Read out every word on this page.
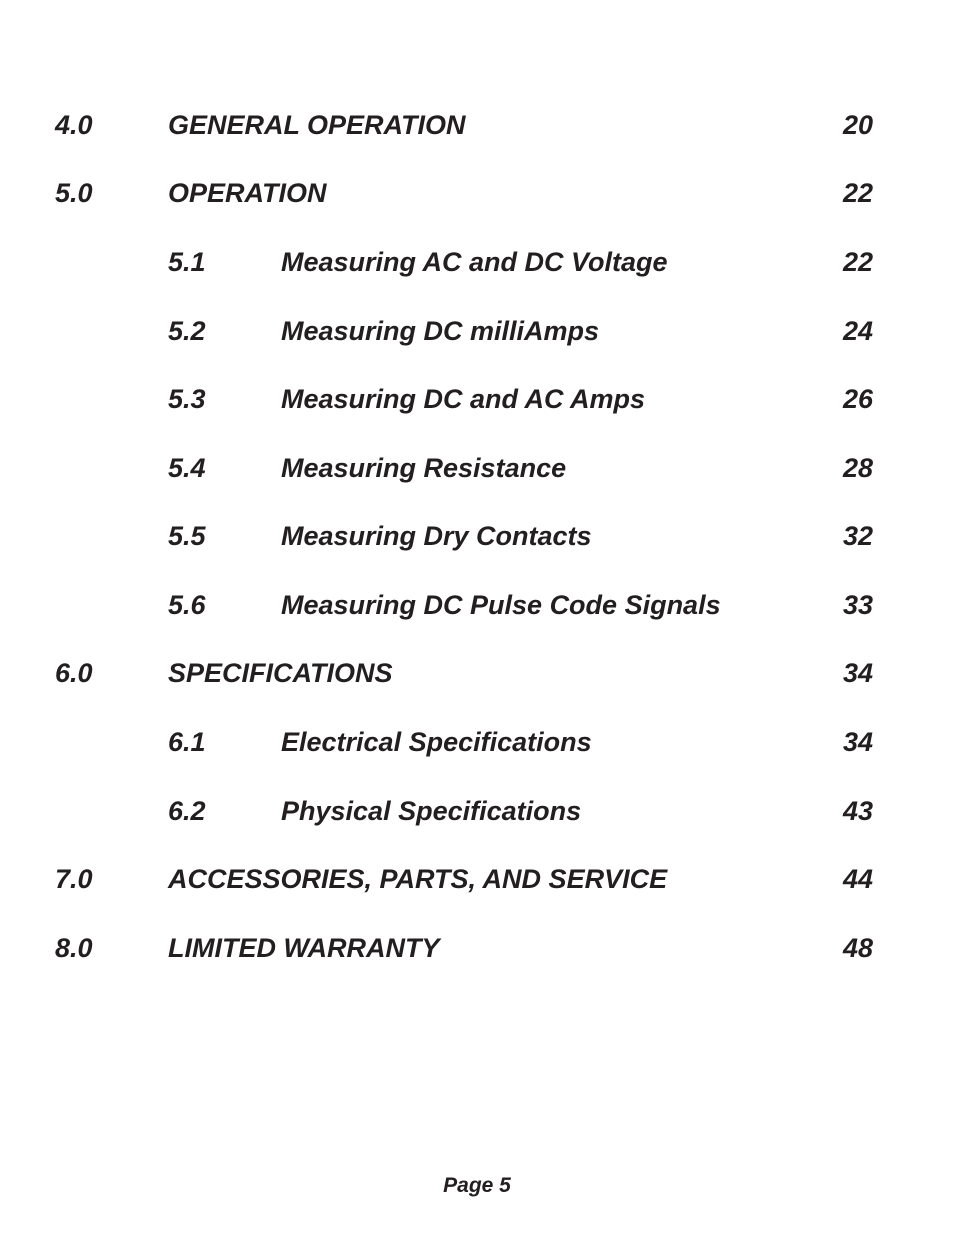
4.0	GENERAL OPERATION	20
5.0	OPERATION	22
5.1	Measuring AC and DC Voltage	22
5.2	Measuring DC milliAmps	24
5.3	Measuring DC and AC Amps	26
5.4	Measuring Resistance	28
5.5	Measuring Dry Contacts	32
5.6	Measuring DC Pulse Code Signals	33
6.0	SPECIFICATIONS	34
6.1	Electrical Specifications	34
6.2	Physical Specifications	43
7.0	ACCESSORIES, PARTS, AND SERVICE	44
8.0	LIMITED WARRANTY	48
Page 5
